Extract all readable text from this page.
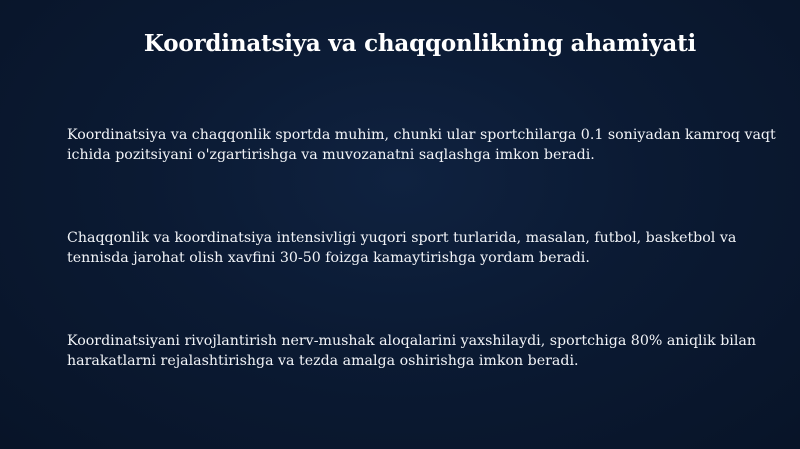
Koordinatsiya va chaqqonlikning ahamiyati

Koordinatsiya va chaqqonlik sportda muhim, chunki ular sportchilarga 0.1 soniyadan kamroq vaqt ichida pozitsiyani o'zgartirishga va muvozanatni saqlashga imkon beradi.

Chaqqonlik va koordinatsiya intensivligi yuqori sport turlarida, masalan, futbol, basketbol va tennisda jarohat olish xavfini 30-50 foizga kamaytirishga yordam beradi.

Koordinatsiyani rivojlantirish nerv-mushak aloqalarini yaxshilaydi, sportchiga 80% aniqlik bilan harakatlarni rejalashtirishga va tezda amalga oshirishga imkon beradi.
